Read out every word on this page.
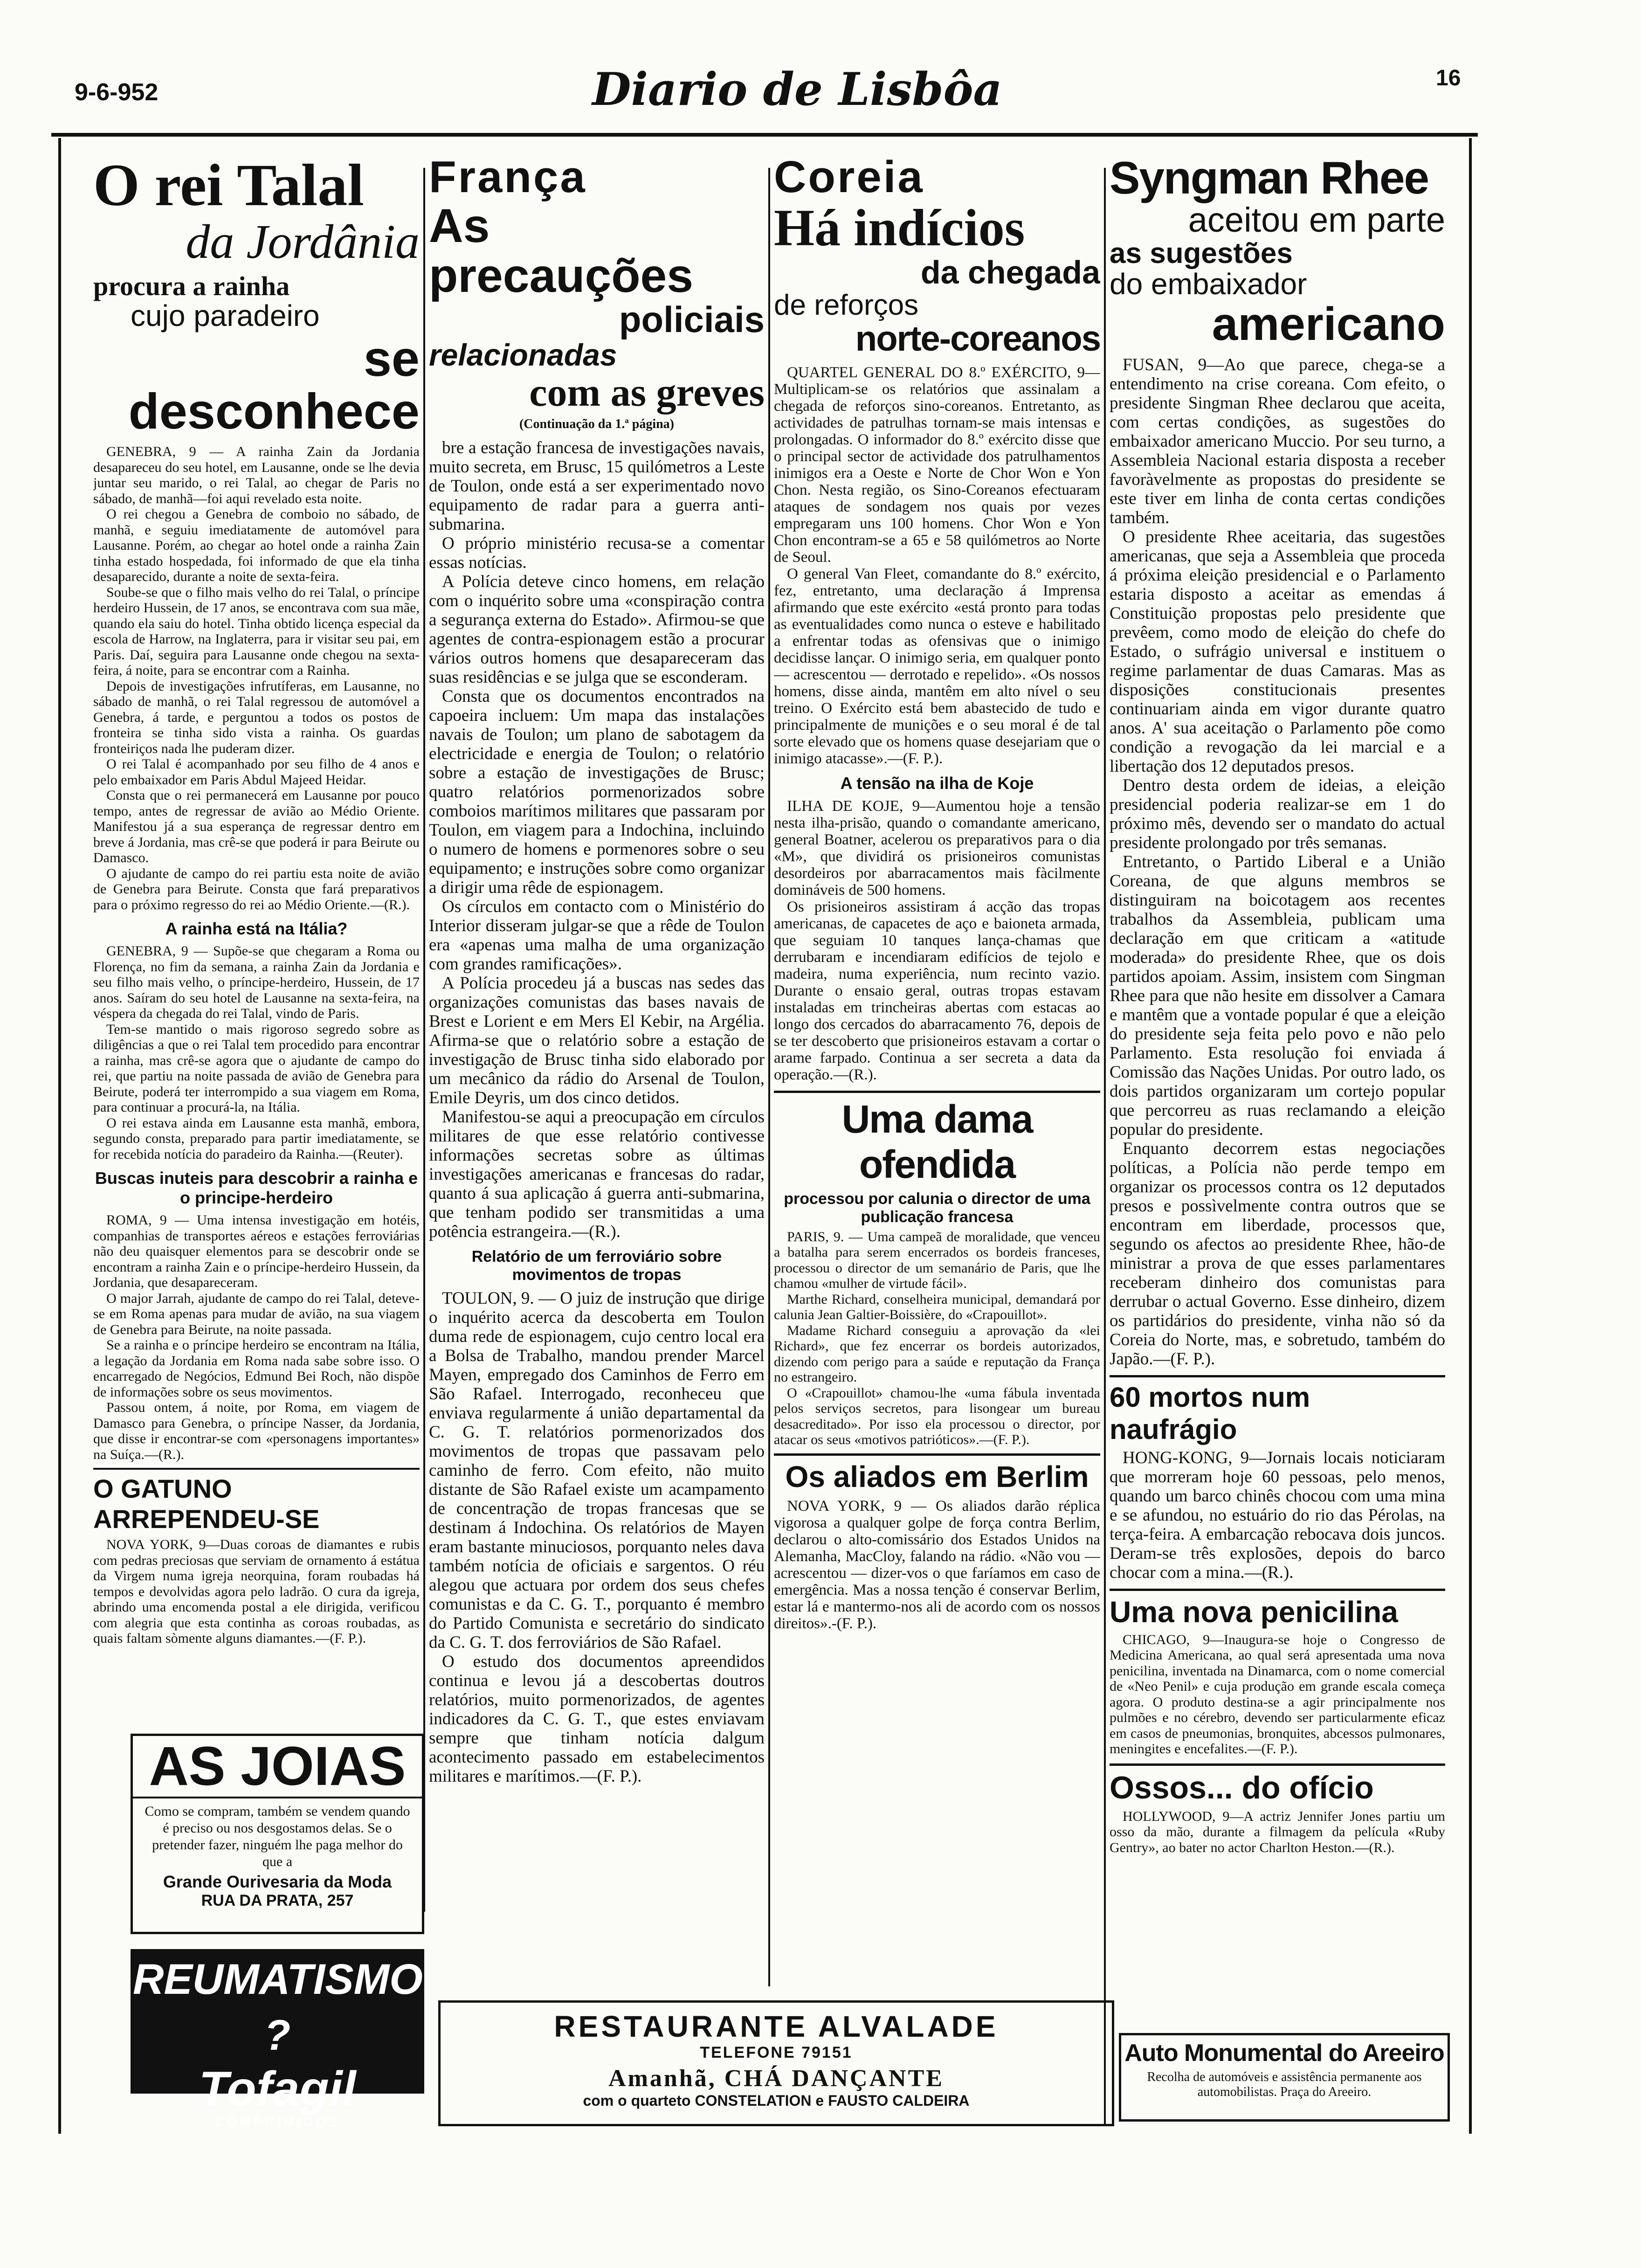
9-6-952	Diario de Lisbôa	16
O rei Talal
da Jordânia
procura a rainha
cujo paradeiro
se desconhece

GENEBRA, 9 — A rainha Zain da Jordania desapareceu do seu hotel, em Lausanne, onde se lhe devia juntar seu marido, o rei Talal, ao chegar de Paris no sábado, de manhã—foi aqui revelado esta noite.

O rei chegou a Genebra de comboio no sábado, de manhã, e seguiu imediatamente de automóvel para Lausanne. Porém, ao chegar ao hotel onde a rainha Zain tinha estado hospedada, foi informado de que ela tinha desaparecido, durante a noite de sexta-feira.

Soube-se que o filho mais velho do rei Talal, o príncipe herdeiro Hussein, de 17 anos, se encontrava com sua mãe, quando ela saiu do hotel. Tinha obtido licença especial da escola de Harrow, na Inglaterra, para ir visitar seu pai, em Paris. Daí, seguira para Lausanne onde chegou na sexta-feira, á noite, para se encontrar com a Rainha.

Depois de investigações infrutíferas, em Lausanne, no sábado de manhã, o rei Talal regressou de automóvel a Genebra, á tarde, e perguntou a todos os postos de fronteira se tinha sido vista a rainha. Os guardas fronteiriços nada lhe puderam dizer.

O rei Talal é acompanhado por seu filho de 4 anos e pelo embaixador em Paris Abdul Majeed Heidar.

Consta que o rei permanecerá em Lausanne por pouco tempo, antes de regressar de avião ao Médio Oriente. Manifestou já a sua esperança de regressar dentro em breve á Jordania, mas crê-se que poderá ir para Beirute ou Damasco.

O ajudante de campo do rei partiu esta noite de avião de Genebra para Beirute. Consta que fará preparativos para o próximo regresso do rei ao Médio Oriente.—(R.).

A rainha está na Itália?

GENEBRA, 9 — Supõe-se que chegaram a Roma ou Florença, no fim da semana, a rainha Zain da Jordania e seu filho mais velho, o príncipe-herdeiro, Hussein, de 17 anos. Saíram do seu hotel de Lausanne na sexta-feira, na véspera da chegada do rei Talal, vindo de Paris.

Tem-se mantido o mais rigoroso segredo sobre as diligências a que o rei Talal tem procedido para encontrar a rainha, mas crê-se agora que o ajudante de campo do rei, que partiu na noite passada de avião de Genebra para Beirute, poderá ter interrompido a sua viagem em Roma, para continuar a procurá-la, na Itália.

O rei estava ainda em Lausanne esta manhã, embora, segundo consta, preparado para partir imediatamente, se for recebida notícia do paradeiro da Rainha.—(Reuter).

Buscas inuteis para descobrir a rainha e o principe-herdeiro

ROMA, 9 — Uma intensa investigação em hotéis, companhias de transportes aéreos e estações ferroviárias não deu quaisquer elementos para se descobrir onde se encontram a rainha Zain e o príncipe-herdeiro Hussein, da Jordania, que desapareceram.

O major Jarrah, ajudante de campo do rei Talal, deteve-se em Roma apenas para mudar de avião, na sua viagem de Genebra para Beirute, na noite passada.

Se a rainha e o príncipe herdeiro se encontram na Itália, a legação da Jordania em Roma nada sabe sobre isso. O encarregado de Negócios, Edmund Bei Roch, não dispõe de informações sobre os seus movimentos.

Passou ontem, á noite, por Roma, em viagem de Damasco para Genebra, o príncipe Nasser, da Jordania, que disse ir encontrar-se com «personagens importantes» na Suíça.—(R.).

O GATUNO ARREPENDEU-SE

NOVA YORK, 9—Duas coroas de diamantes e rubis com pedras preciosas que serviam de ornamento á estátua da Virgem numa igreja neorquina, foram roubadas há tempos e devolvidas agora pelo ladrão. O cura da igreja, abrindo uma encomenda postal a ele dirigida, verificou com alegria que esta continha as coroas roubadas, as quais faltam sòmente alguns diamantes.—(F. P.).

AS JOIAS

Como se compram, também se vendem quando é preciso ou nos desgostamos delas. Se o pretender fazer, ninguém lhe paga melhor do que a

Grande Ourivesaria da Moda
RUA DA PRATA, 257
REUMATISMO ?
Tofagil
COMPRIMIDOS
França
As precauções
policiais
relacionadas
com as greves
(Continuação da 1.ª página)

bre a estação francesa de investigações navais, muito secreta, em Brusc, 15 quilómetros a Leste de Toulon, onde está a ser experimentado novo equipamento de radar para a guerra anti-submarina.

O próprio ministério recusa-se a comentar essas notícias.

A Polícia deteve cinco homens, em relação com o inquérito sobre uma «conspiração contra a segurança externa do Estado». Afirmou-se que agentes de contra-espionagem estão a procurar vários outros homens que desapareceram das suas residências e se julga que se esconderam.

Consta que os documentos encontrados na capoeira incluem: Um mapa das instalações navais de Toulon; um plano de sabotagem da electricidade e energia de Toulon; o relatório sobre a estação de investigações de Brusc; quatro relatórios pormenorizados sobre comboios marítimos militares que passaram por Toulon, em viagem para a Indochina, incluindo o numero de homens e pormenores sobre o seu equipamento; e instruções sobre como organizar a dirigir uma rêde de espionagem.

Os círculos em contacto com o Ministério do Interior disseram julgar-se que a rêde de Toulon era «apenas uma malha de uma organização com grandes ramificações».

A Polícia procedeu já a buscas nas sedes das organizações comunistas das bases navais de Brest e Lorient e em Mers El Kebir, na Argélia. Afirma-se que o relatório sobre a estação de investigação de Brusc tinha sido elaborado por um mecânico da rádio do Arsenal de Toulon, Emile Deyris, um dos cinco detidos.

Manifestou-se aqui a preocupação em círculos militares de que esse relatório contivesse informações secretas sobre as últimas investigações americanas e francesas do radar, quanto á sua aplicação á guerra anti-submarina, que tenham podido ser transmitidas a uma potência estrangeira.—(R.).

Relatório de um ferroviário sobre movimentos de tropas

TOULON, 9. — O juiz de instrução que dirige o inquérito acerca da descoberta em Toulon duma rede de espionagem, cujo centro local era a Bolsa de Trabalho, mandou prender Marcel Mayen, empregado dos Caminhos de Ferro em São Rafael. Interrogado, reconheceu que enviava regularmente á união departamental da C. G. T. relatórios pormenorizados dos movimentos de tropas que passavam pelo caminho de ferro. Com efeito, não muito distante de São Rafael existe um acampamento de concentração de tropas francesas que se destinam á Indochina. Os relatórios de Mayen eram bastante minuciosos, porquanto neles dava também notícia de oficiais e sargentos. O réu alegou que actuara por ordem dos seus chefes comunistas e da C. G. T., porquanto é membro do Partido Comunista e secretário do sindicato da C. G. T. dos ferroviários de São Rafael.

O estudo dos documentos apreendidos continua e levou já a descobertas doutros relatórios, muito pormenorizados, de agentes indicadores da C. G. T., que estes enviavam sempre que tinham notícia dalgum acontecimento passado em estabelecimentos militares e marítimos.—(F. P.).

RESTAURANTE ALVALADE
TELEFONE 79151
Amanhã, CHÁ DANÇANTE
com o quarteto CONSTELATION e FAUSTO CALDEIRA
Coreia
Há indícios
da chegada
de reforços
norte-coreanos

QUARTEL GENERAL DO 8.º EXÉRCITO, 9—Multiplicam-se os relatórios que assinalam a chegada de reforços sino-coreanos. Entretanto, as actividades de patrulhas tornam-se mais intensas e prolongadas. O informador do 8.º exército disse que o principal sector de actividade dos patrulhamentos inimigos era a Oeste e Norte de Chor Won e Yon Chon. Nesta região, os Sino-Coreanos efectuaram ataques de sondagem nos quais por vezes empregaram uns 100 homens. Chor Won e Yon Chon encontram-se a 65 e 58 quilómetros ao Norte de Seoul.

O general Van Fleet, comandante do 8.º exército, fez, entretanto, uma declaração á Imprensa afirmando que este exército «está pronto para todas as eventualidades como nunca o esteve e habilitado a enfrentar todas as ofensivas que o inimigo decidisse lançar. O inimigo seria, em qualquer ponto — acrescentou — derrotado e repelido». «Os nossos homens, disse ainda, mantêm em alto nível o seu treino. O Exército está bem abastecido de tudo e principalmente de munições e o seu moral é de tal sorte elevado que os homens quase desejariam que o inimigo atacasse».—(F. P.).

A tensão na ilha de Koje

ILHA DE KOJE, 9—Aumentou hoje a tensão nesta ilha-prisão, quando o comandante americano, general Boatner, acelerou os preparativos para o dia «M», que dividirá os prisioneiros comunistas desordeiros por abarracamentos mais fàcilmente domináveis de 500 homens.

Os prisioneiros assistiram á acção das tropas americanas, de capacetes de aço e baioneta armada, que seguiam 10 tanques lança-chamas que derrubaram e incendiaram edifícios de tejolo e madeira, numa experiência, num recinto vazio. Durante o ensaio geral, outras tropas estavam instaladas em trincheiras abertas com estacas ao longo dos cercados do abarracamento 76, depois de se ter descoberto que prisioneiros estavam a cortar o arame farpado. Continua a ser secreta a data da operação.—(R.).

Uma dama ofendida
processou por calunia o director de uma publicação francesa

PARIS, 9. — Uma campeã de moralidade, que venceu a batalha para serem encerrados os bordeis franceses, processou o director de um semanário de Paris, que lhe chamou «mulher de virtude fácil».

Marthe Richard, conselheira municipal, demandará por calunia Jean Galtier-Boissière, do «Crapouillot».

Madame Richard conseguiu a aprovação da «lei Richard», que fez encerrar os bordeis autorizados, dizendo com perigo para a saúde e reputação da França no estrangeiro.

O «Crapouillot» chamou-lhe «uma fábula inventada pelos serviços secretos, para lisongear um bureau desacreditado». Por isso ela processou o director, por atacar os seus «motivos patrióticos».—(F. P.).

Os aliados em Berlim

NOVA YORK, 9 — Os aliados darão réplica vigorosa a qualquer golpe de força contra Berlim, declarou o alto-comissário dos Estados Unidos na Alemanha, MacCloy, falando na rádio. «Não vou — acrescentou — dizer-vos o que faríamos em caso de emergência. Mas a nossa tenção é conservar Berlim, estar lá e mantermo-nos ali de acordo com os nossos direitos».-(F. P.).

Syngman Rhee
aceitou em parte
as sugestões
do embaixador
americano

FUSAN, 9—Ao que parece, chega-se a entendimento na crise coreana. Com efeito, o presidente Singman Rhee declarou que aceita, com certas condições, as sugestões do embaixador americano Muccio. Por seu turno, a Assembleia Nacional estaria disposta a receber favoràvelmente as propostas do presidente se este tiver em linha de conta certas condições também.

O presidente Rhee aceitaria, das sugestões americanas, que seja a Assembleia que proceda á próxima eleição presidencial e o Parlamento estaria disposto a aceitar as emendas á Constituição propostas pelo presidente que prevêem, como modo de eleição do chefe do Estado, o sufrágio universal e instituem o regime parlamentar de duas Camaras. Mas as disposições constitucionais presentes continuariam ainda em vigor durante quatro anos. A' sua aceitação o Parlamento põe como condição a revogação da lei marcial e a libertação dos 12 deputados presos.

Dentro desta ordem de ideias, a eleição presidencial poderia realizar-se em 1 do próximo mês, devendo ser o mandato do actual presidente prolongado por três semanas.

Entretanto, o Partido Liberal e a União Coreana, de que alguns membros se distinguiram na boicotagem aos recentes trabalhos da Assembleia, publicam uma declaração em que criticam a «atitude moderada» do presidente Rhee, que os dois partidos apoiam. Assim, insistem com Singman Rhee para que não hesite em dissolver a Camara e mantêm que a vontade popular é que a eleição do presidente seja feita pelo povo e não pelo Parlamento. Esta resolução foi enviada á Comissão das Nações Unidas. Por outro lado, os dois partidos organizaram um cortejo popular que percorreu as ruas reclamando a eleição popular do presidente.

Enquanto decorrem estas negociações políticas, a Polícia não perde tempo em organizar os processos contra os 12 deputados presos e possìvelmente contra outros que se encontram em liberdade, processos que, segundo os afectos ao presidente Rhee, hão-de ministrar a prova de que esses parlamentares receberam dinheiro dos comunistas para derrubar o actual Governo. Esse dinheiro, dizem os partidários do presidente, vinha não só da Coreia do Norte, mas, e sobretudo, também do Japão.—(F. P.).

60 mortos num naufrágio

HONG-KONG, 9—Jornais locais noticiaram que morreram hoje 60 pessoas, pelo menos, quando um barco chinês chocou com uma mina e se afundou, no estuário do rio das Pérolas, na terça-feira. A embarcação rebocava dois juncos. Deram-se três explosões, depois do barco chocar com a mina.—(R.).

Uma nova penicilina

CHICAGO, 9—Inaugura-se hoje o Congresso de Medicina Americana, ao qual será apresentada uma nova penicilina, inventada na Dinamarca, com o nome comercial de «Neo Penil» e cuja produção em grande escala começa agora. O produto destina-se a agir principalmente nos pulmões e no cérebro, devendo ser particularmente eficaz em casos de pneumonias, bronquites, abcessos pulmonares, meningites e encefalites.—(F. P.).

Ossos... do ofício

HOLLYWOOD, 9—A actriz Jennifer Jones partiu um osso da mão, durante a filmagem da película «Ruby Gentry», ao bater no actor Charlton Heston.—(R.).

Auto Monumental do Areeiro

Recolha de automóveis e assistência permanente aos automobilistas. Praça do Areeiro.
